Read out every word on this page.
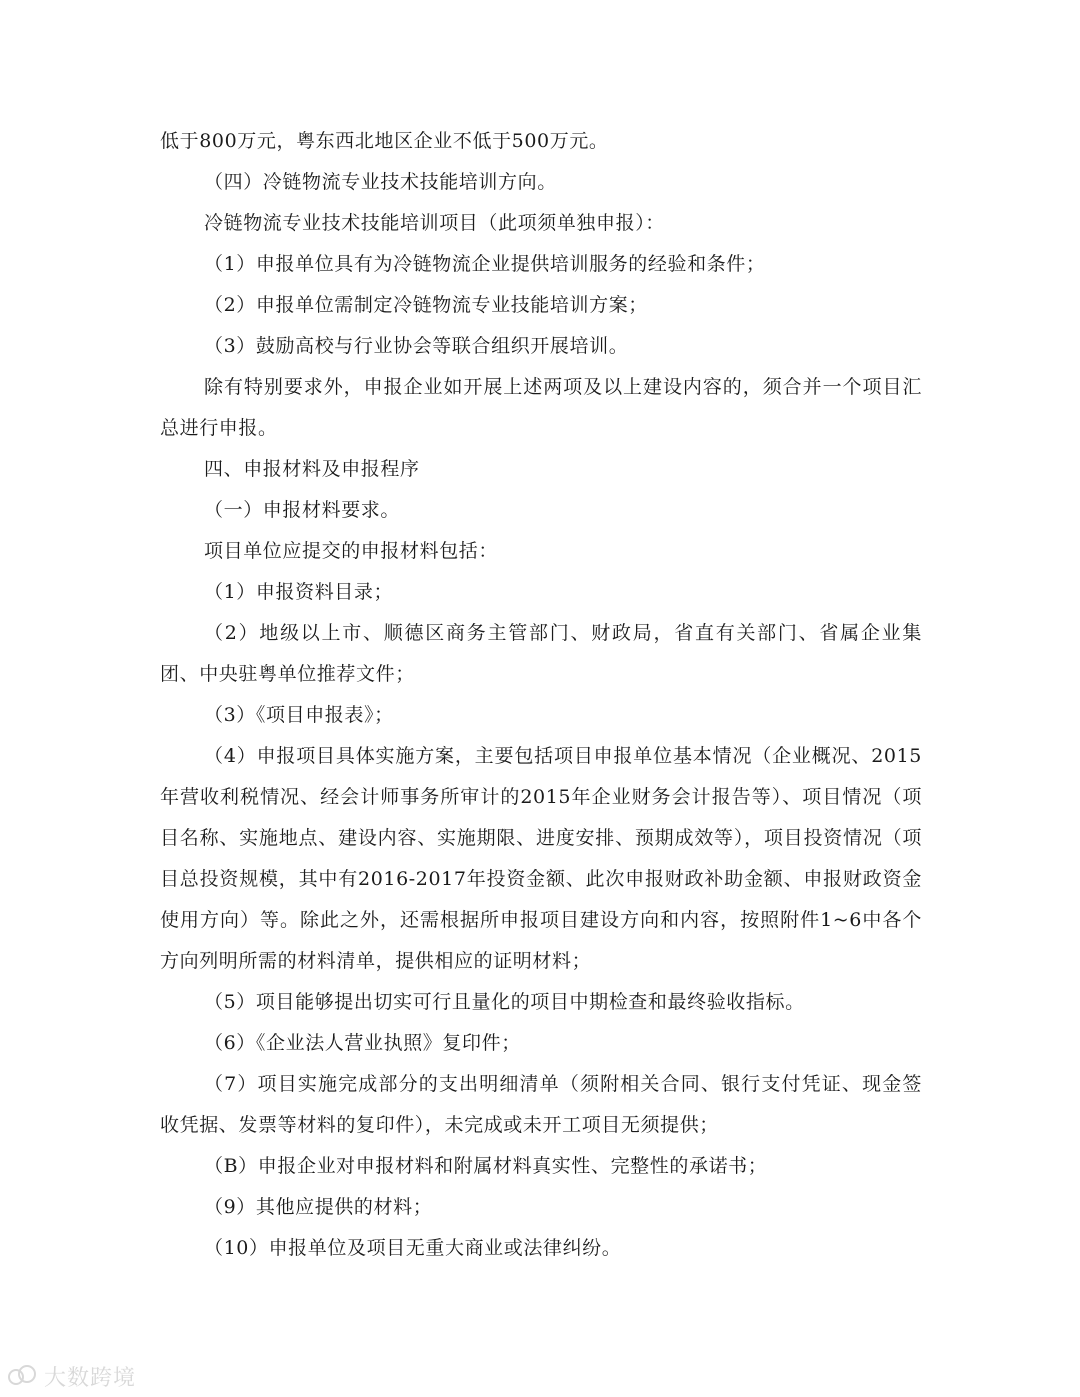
低于800万元，粤东西北地区企业不低于500万元。

（四）冷链物流专业技术技能培训方向。

冷链物流专业技术技能培训项目（此项须单独申报）：

（1）申报单位具有为冷链物流企业提供培训服务的经验和条件；

（2）申报单位需制定冷链物流专业技能培训方案；

（3）鼓励高校与行业协会等联合组织开展培训。

除有特别要求外，申报企业如开展上述两项及以上建设内容的，须合并一个项目汇总进行申报。

四、申报材料及申报程序

（一）申报材料要求。

项目单位应提交的申报材料包括：

（1）申报资料目录；

（2）地级以上市、顺德区商务主管部门、财政局，省直有关部门、省属企业集团、中央驻粤单位推荐文件；

（3）《项目申报表》；

（4）申报项目具体实施方案，主要包括项目申报单位基本情况（企业概况、2015年营收利税情况、经会计师事务所审计的2015年企业财务会计报告等）、项目情况（项目名称、实施地点、建设内容、实施期限、进度安排、预期成效等），项目投资情况（项目总投资规模，其中有2016-2017年投资金额、此次申报财政补助金额、申报财政资金使用方向）等。除此之外，还需根据所申报项目建设方向和内容，按照附件1~6中各个方向列明所需的材料清单，提供相应的证明材料；

（5）项目能够提出切实可行且量化的项目中期检查和最终验收指标。

（6）《企业法人营业执照》复印件；

（7）项目实施完成部分的支出明细清单（须附相关合同、银行支付凭证、现金签收凭据、发票等材料的复印件），未完成或未开工项目无须提供；

（B）申报企业对申报材料和附属材料真实性、完整性的承诺书；

（9）其他应提供的材料；

（10）申报单位及项目无重大商业或法律纠纷。

大数跨境
